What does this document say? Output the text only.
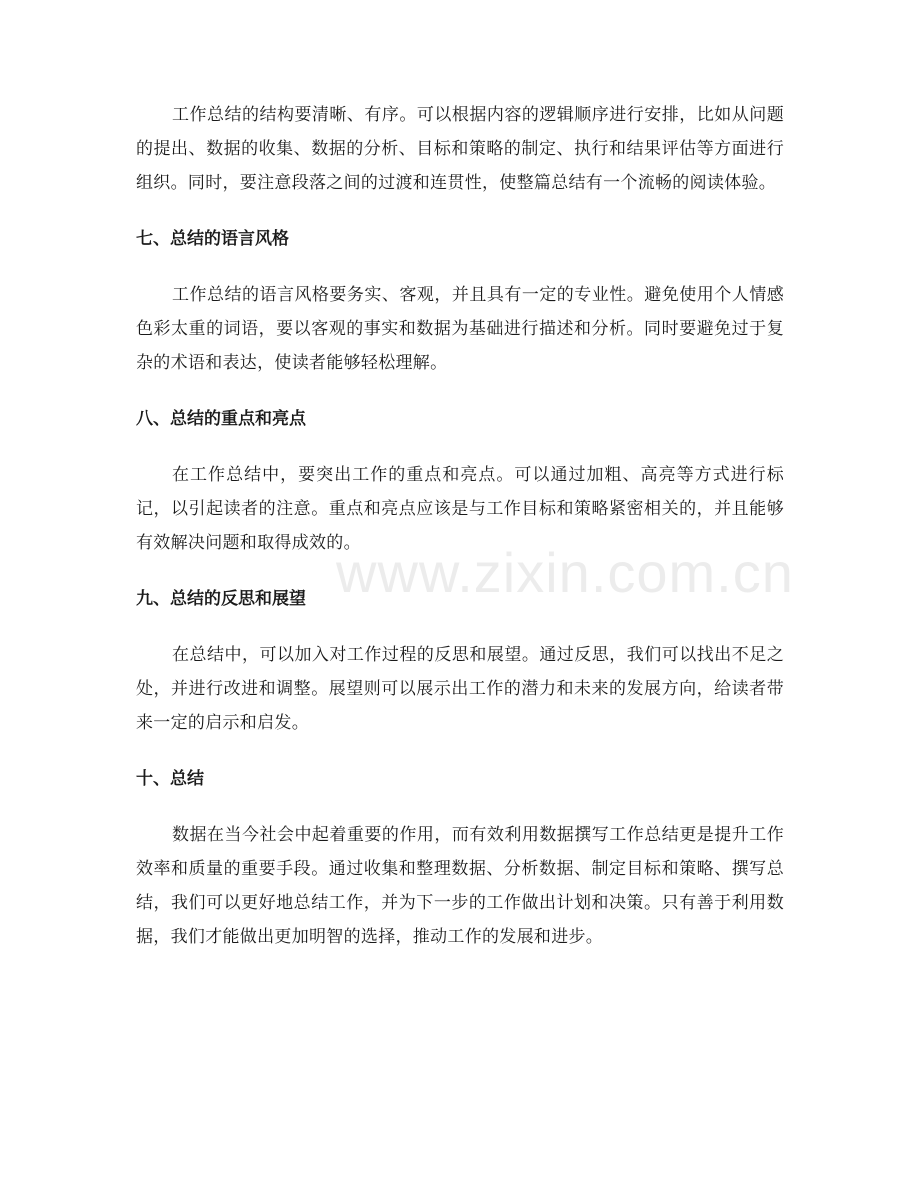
工作总结的结构要清晰、有序。可以根据内容的逻辑顺序进行安排，比如从问题的提出、数据的收集、数据的分析、目标和策略的制定、执行和结果评估等方面进行组织。同时，要注意段落之间的过渡和连贯性，使整篇总结有一个流畅的阅读体验。

七、总结的语言风格

工作总结的语言风格要务实、客观，并且具有一定的专业性。避免使用个人情感色彩太重的词语，要以客观的事实和数据为基础进行描述和分析。同时要避免过于复杂的术语和表达，使读者能够轻松理解。

八、总结的重点和亮点

在工作总结中，要突出工作的重点和亮点。可以通过加粗、高亮等方式进行标记，以引起读者的注意。重点和亮点应该是与工作目标和策略紧密相关的，并且能够有效解决问题和取得成效的。

九、总结的反思和展望

在总结中，可以加入对工作过程的反思和展望。通过反思，我们可以找出不足之处，并进行改进和调整。展望则可以展示出工作的潜力和未来的发展方向，给读者带来一定的启示和启发。

十、总结

数据在当今社会中起着重要的作用，而有效利用数据撰写工作总结更是提升工作效率和质量的重要手段。通过收集和整理数据、分析数据、制定目标和策略、撰写总结，我们可以更好地总结工作，并为下一步的工作做出计划和决策。只有善于利用数据，我们才能做出更加明智的选择，推动工作的发展和进步。

www.zixin.com.cn
